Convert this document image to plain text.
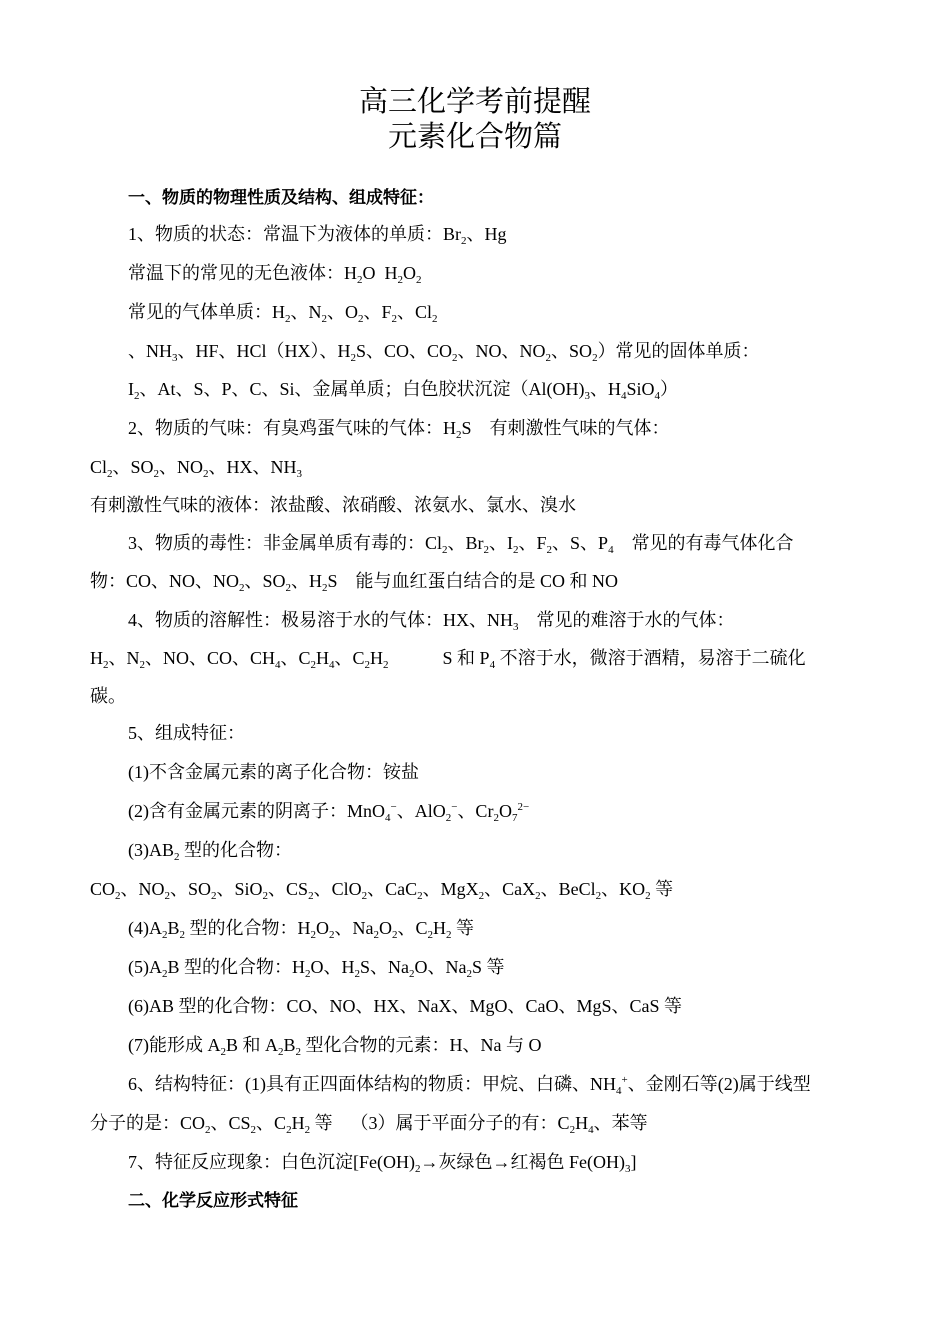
高三化学考前提醒
元素化合物篇
一、物质的物理性质及结构、组成特征：
1、物质的状态：常温下为液体的单质：$Br_2$、Hg
常温下的常见的无色液体：$H_2O$  $H_2O_2$
常见的气体单质：$H_2$、$N_2$、$O_2$、$F_2$、$Cl_2$
、$NH_3$、HF、HCl（HX）、$H_2S$、CO、$CO_2$、NO、$NO_2$、$SO_2$）常见的固体单质：
$I_2$、At、S、P、C、Si、金属单质；白色胶状沉淀（$Al(OH)_3$、$H_4SiO_4$）
2、物质的气味：有臭鸡蛋气味的气体：$H_2S$    有刺激性气味的气体：
$Cl_2$、$SO_2$、$NO_2$、HX、$NH_3$
有刺激性气味的液体：浓盐酸、浓硝酸、浓氨水、氯水、溴水
3、物质的毒性：非金属单质有毒的：$Cl_2$、$Br_2$、$I_2$、$F_2$、S、$P_4$    常见的有毒气体化合
物：CO、NO、$NO_2$、$SO_2$、$H_2S$    能与血红蛋白结合的是 CO 和 NO
4、物质的溶解性：极易溶于水的气体：HX、$NH_3$    常见的难溶于水的气体：
$H_2$、$N_2$、NO、CO、$CH_4$、$C_2H_4$、$C_2H_2$            S 和 $P_4$ 不溶于水，微溶于酒精，易溶于二硫化
碳。
5、组成特征：
(1)不含金属元素的离子化合物：铵盐
(2)含有金属元素的阴离子：MnO$_4$−、AlO$_2$−、$Cr_2O_7^{2-}$
$(3)AB_2$ 型的化合物：
$CO_2$、$NO_2$、$SO_2$、SiO$_2$、$CS_2$、ClO$_2$、CaC$_2$、MgX$_2$、CaX$_2$、BeCl$_2$、$KO_2$ 等
$(4)A_2B_2$ 型的化合物：$H_2O_2$、$Na_2O_2$、$C_2H_2$ 等
$(5)A_2B$ 型的化合物：$H_2O$、$H_2S$、$Na_2O$、$Na_2S$ 等
(6)AB 型的化合物：CO、NO、HX、NaX、MgO、CaO、MgS、CaS 等
(7)能形成 $A_2B$ 和 $A_2B_2$ 型化合物的元素：H、Na 与 O
6、结构特征：(1)具有正四面体结构的物质：甲烷、白磷、$NH_4^+$、金刚石等(2)属于线型
分子的是：$CO_2$、$CS_2$、$C_2H_2$ 等    （3）属于平面分子的有：$C_2H_4$、苯等
7、特征反应现象：白色沉淀[$Fe(OH)_2\to$灰绿色→红褐色 $Fe(OH)_3$]
二、化学反应形式特征
